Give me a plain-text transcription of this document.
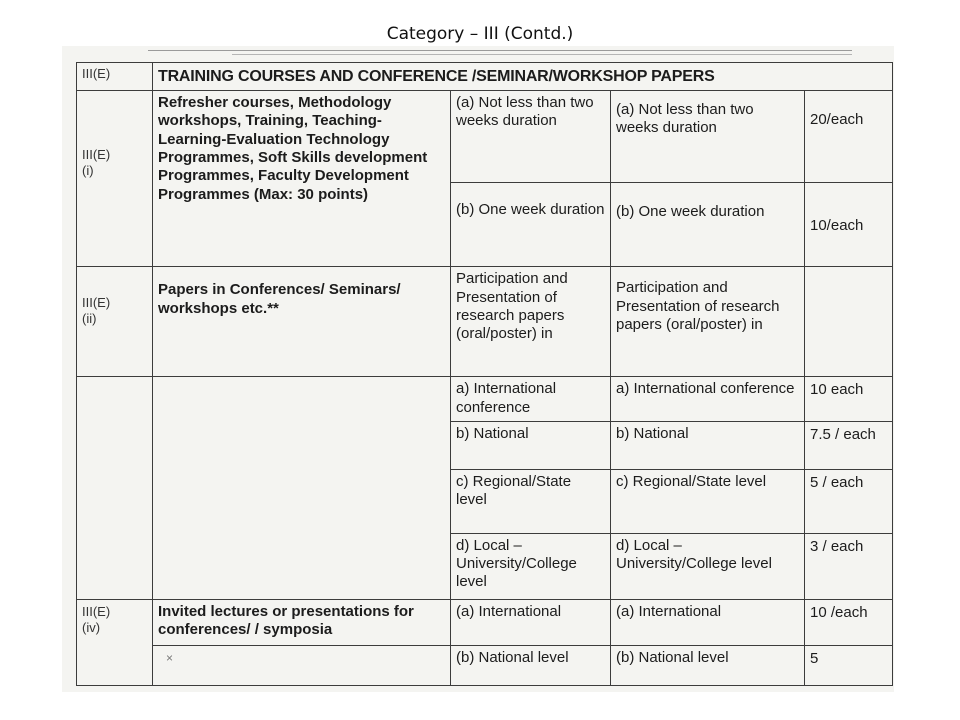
Category – III (Contd.)
III(E)	TRAINING COURSES AND CONFERENCE /SEMINAR/WORKSHOP PAPERS			
III(E)
(i)	Refresher courses, Methodology workshops, Training, Teaching-Learning-Evaluation Technology Programmes, Soft Skills development Programmes, Faculty Development Programmes (Max: 30 points)	(a) Not less than two weeks duration	(a) Not less than two weeks duration	20/each
		(b) One week duration	(b) One week duration	10/each
III(E)
(ii)	Papers in Conferences/ Seminars/ workshops etc.**	Participation and Presentation of research papers (oral/poster) in	Participation and Presentation of research papers (oral/poster) in	
		a) International conference	a) International conference	10 each
		b) National	b) National	7.5 / each
		c) Regional/State level	c) Regional/State level	5 / each
		d) Local – University/College level	d) Local – University/College level	3 / each
III(E)
(iv)	Invited lectures or presentations for conferences/ / symposia	(a) International	(a) International	10 /each
	×	(b) National level	(b) National level	5
